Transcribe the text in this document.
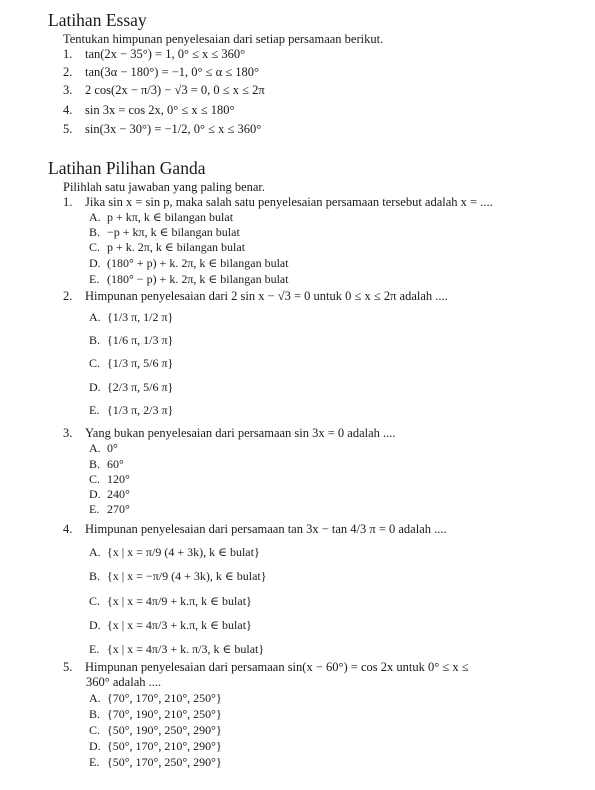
Latihan Essay
Tentukan himpunan penyelesaian dari setiap persamaan berikut.
1. tan(2x − 35°) = 1, 0° ≤ x ≤ 360°
2. tan(3α − 180°) = −1, 0° ≤ α ≤ 180°
3. 2 cos(2x − π/3) − √3 = 0, 0 ≤ x ≤ 2π
4. sin 3x = cos 2x, 0° ≤ x ≤ 180°
5. sin(3x − 30°) = −1/2, 0° ≤ x ≤ 360°
Latihan Pilihan Ganda
Pilihlah satu jawaban yang paling benar.
1. Jika sin x = sin p, maka salah satu penyelesaian persamaan tersebut adalah x = ....
A. p + kπ, k ∈ bilangan bulat
B. −p + kπ, k ∈ bilangan bulat
C. p + k. 2π, k ∈ bilangan bulat
D. (180° + p) + k. 2π, k ∈ bilangan bulat
E. (180° − p) + k. 2π, k ∈ bilangan bulat
2. Himpunan penyelesaian dari 2 sin x − √3 = 0 untuk 0 ≤ x ≤ 2π adalah ....
A. {1/3 π, 1/2 π}
B. {1/6 π, 1/3 π}
C. {1/3 π, 5/6 π}
D. {2/3 π, 5/6 π}
E. {1/3 π, 2/3 π}
3. Yang bukan penyelesaian dari persamaan sin 3x = 0 adalah ....
A. 0°
B. 60°
C. 120°
D. 240°
E. 270°
4. Himpunan penyelesaian dari persamaan tan 3x − tan 4/3 π = 0 adalah ....
A. {x | x = π/9 (4 + 3k), k ∈ bulat}
B. {x | x = −π/9 (4 + 3k), k ∈ bulat}
C. {x | x = 4π/9 + k.π, k ∈ bulat}
D. {x | x = 4π/3 + k.π, k ∈ bulat}
E. {x | x = 4π/3 + k. π/3, k ∈ bulat}
5. Himpunan penyelesaian dari persamaan sin(x − 60°) = cos 2x untuk 0° ≤ x ≤
360° adalah ....
A. {70°, 170°, 210°, 250°}
B. {70°, 190°, 210°, 250°}
C. {50°, 190°, 250°, 290°}
D. {50°, 170°, 210°, 290°}
E. {50°, 170°, 250°, 290°}
